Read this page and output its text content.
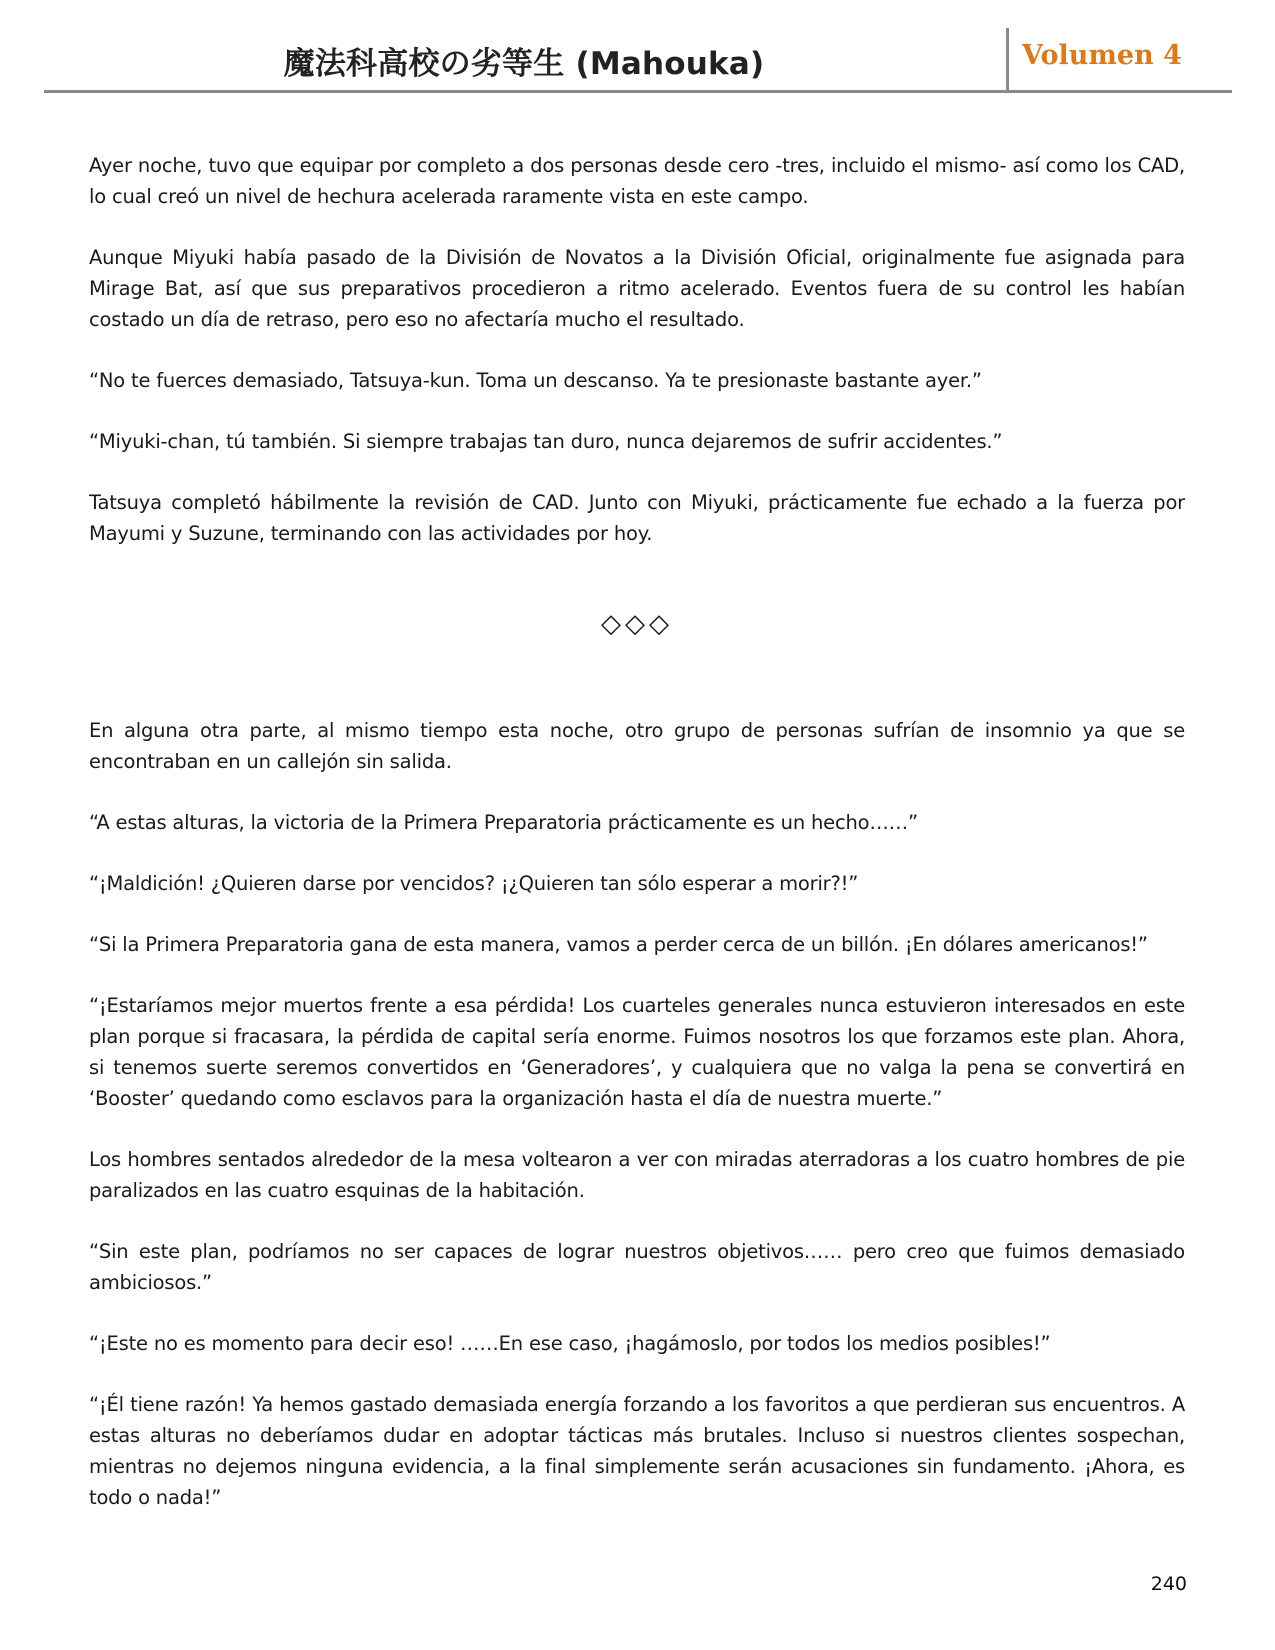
魔法科高校の劣等生 (Mahouka)	Volumen 4

Ayer noche, tuvo que equipar por completo a dos personas desde cero -tres, incluido el mismo- así como los CAD, lo cual creó un nivel de hechura acelerada raramente vista en este campo.

Aunque Miyuki había pasado de la División de Novatos a la División Oficial, originalmente fue asignada para Mirage Bat, así que sus preparativos procedieron a ritmo acelerado. Eventos fuera de su control les habían costado un día de retraso, pero eso no afectaría mucho el resultado.

“No te fuerces demasiado, Tatsuya-kun. Toma un descanso. Ya te presionaste bastante ayer.”

“Miyuki-chan, tú también. Si siempre trabajas tan duro, nunca dejaremos de sufrir accidentes.”

Tatsuya completó hábilmente la revisión de CAD. Junto con Miyuki, prácticamente fue echado a la fuerza por Mayumi y Suzune, terminando con las actividades por hoy.

◇◇◇

En alguna otra parte, al mismo tiempo esta noche, otro grupo de personas sufrían de insomnio ya que se encontraban en un callejón sin salida.

“A estas alturas, la victoria de la Primera Preparatoria prácticamente es un hecho……”

“¡Maldición! ¿Quieren darse por vencidos? ¡¿Quieren tan sólo esperar a morir?!”

“Si la Primera Preparatoria gana de esta manera, vamos a perder cerca de un billón. ¡En dólares americanos!”

“¡Estaríamos mejor muertos frente a esa pérdida! Los cuarteles generales nunca estuvieron interesados en este plan porque si fracasara, la pérdida de capital sería enorme. Fuimos nosotros los que forzamos este plan. Ahora, si tenemos suerte seremos convertidos en ‘Generadores’, y cualquiera que no valga la pena se convertirá en ‘Booster’ quedando como esclavos para la organización hasta el día de nuestra muerte.”

Los hombres sentados alrededor de la mesa voltearon a ver con miradas aterradoras a los cuatro hombres de pie paralizados en las cuatro esquinas de la habitación.

“Sin este plan, podríamos no ser capaces de lograr nuestros objetivos…… pero creo que fuimos demasiado ambiciosos.”

“¡Este no es momento para decir eso! ……En ese caso, ¡hagámoslo, por todos los medios posibles!”

“¡Él tiene razón! Ya hemos gastado demasiada energía forzando a los favoritos a que perdieran sus encuentros. A estas alturas no deberíamos dudar en adoptar tácticas más brutales. Incluso si nuestros clientes sospechan, mientras no dejemos ninguna evidencia, a la final simplemente serán acusaciones sin fundamento. ¡Ahora, es todo o nada!”

240
